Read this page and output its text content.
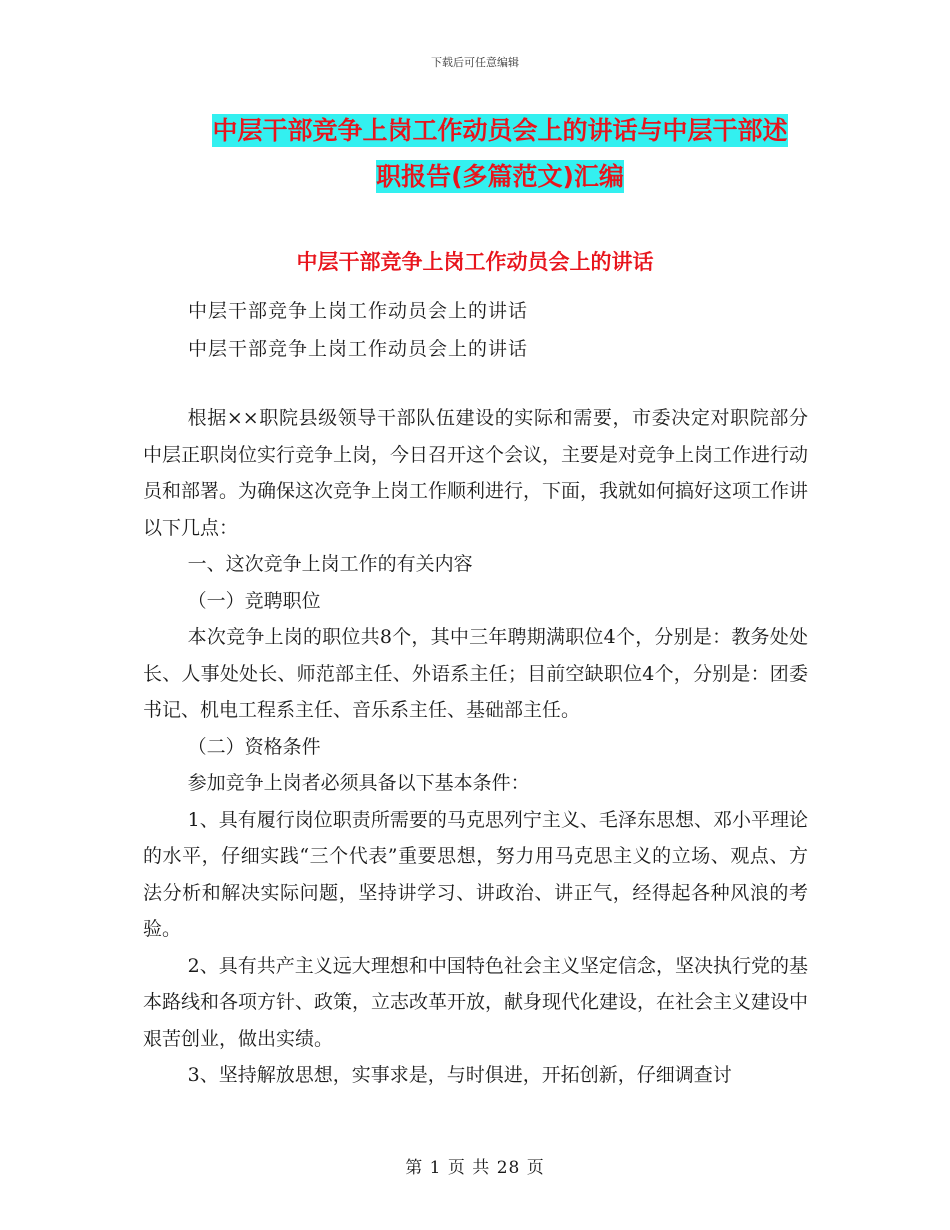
下载后可任意编辑
中层干部竞争上岗工作动员会上的讲话与中层干部述
职报告(多篇范文)汇编
中层干部竞争上岗工作动员会上的讲话
中层干部竞争上岗工作动员会上的讲话
中层干部竞争上岗工作动员会上的讲话

根据××职院县级领导干部队伍建设的实际和需要，市委决定对职院部分中层正职岗位实行竞争上岗，今日召开这个会议，主要是对竞争上岗工作进行动员和部署。为确保这次竞争上岗工作顺利进行，下面，我就如何搞好这项工作讲以下几点：

一、这次竞争上岗工作的有关内容

（一）竞聘职位

本次竞争上岗的职位共8个，其中三年聘期满职位4个，分别是：教务处处长、人事处处长、师范部主任、外语系主任；目前空缺职位4个，分别是：团委书记、机电工程系主任、音乐系主任、基础部主任。

（二）资格条件

参加竞争上岗者必须具备以下基本条件：

1、具有履行岗位职责所需要的马克思列宁主义、毛泽东思想、邓小平理论的水平，仔细实践“三个代表”重要思想，努力用马克思主义的立场、观点、方法分析和解决实际问题，坚持讲学习、讲政治、讲正气，经得起各种风浪的考验。

2、具有共产主义远大理想和中国特色社会主义坚定信念，坚决执行党的基本路线和各项方针、政策，立志改革开放，献身现代化建设，在社会主义建设中艰苦创业，做出实绩。

3、坚持解放思想，实事求是，与时俱进，开拓创新，仔细调查讨

第 1 页 共 28 页
